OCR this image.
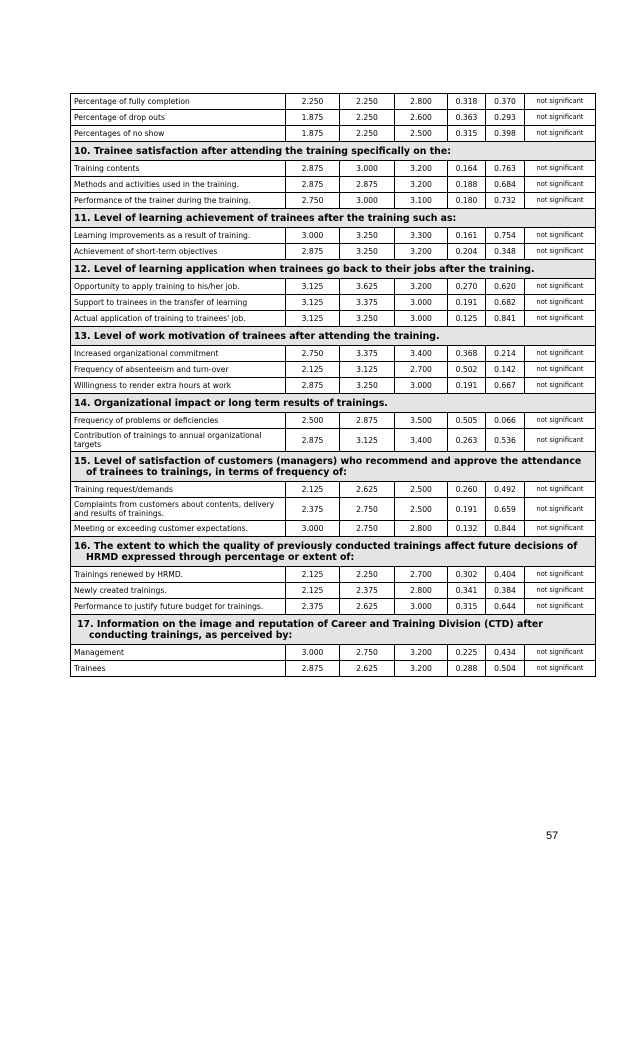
Percentage of fully completion	2.250	2.250	2.800	0.318	0.370	not significant
Percentage of drop outs	1.875	2.250	2.600	0.363	0.293	not significant
Percentages of no show	1.875	2.250	2.500	0.315	0.398	not significant

10. Trainee satisfaction after attending the training specifically on the:						

Training contents	2.875	3.000	3.200	0.164	0.763	not significant
Methods and activities used in the training.	2.875	2.875	3.200	0.188	0.684	not significant
Performance of the trainer during the training.	2.750	3.000	3.100	0.180	0.732	not significant

11. Level of learning achievement of trainees after the training such as:						

Learning improvements as a result of training.	3.000	3.250	3.300	0.161	0.754	not significant
Achievement of short-term objectives	2.875	3.250	3.200	0.204	0.348	not significant

12. Level of learning application when trainees go back to their jobs after the training.						

Opportunity to apply training to his/her job.	3.125	3.625	3.200	0.270	0.620	not significant
Support to trainees in the transfer of learning	3.125	3.375	3.000	0.191	0.682	not significant
Actual application of training to trainees' job.	3.125	3.250	3.000	0.125	0.841	not significant

13. Level of work motivation of trainees after attending the training.						

Increased organizational commitment	2.750	3.375	3.400	0.368	0.214	not significant
Frequency of absenteeism and turn-over	2.125	3.125	2.700	0.502	0.142	not significant
Willingness to render extra hours at work	2.875	3.250	3.000	0.191	0.667	not significant

14. Organizational impact or long term results of trainings.						

Frequency of problems or deficiencies	2.500	2.875	3.500	0.505	0.066	not significant
Contribution of trainings to annual organizational targets	2.875	3.125	3.400	0.263	0.536	not significant

15. Level of satisfaction of customers (managers) who recommend and approve the attendance of trainees to trainings, in terms of frequency of:						

Training request/demands	2.125	2.625	2.500	0.260	0.492	not significant
Complaints from customers about contents, delivery and results of trainings.	2.375	2.750	2.500	0.191	0.659	not significant
Meeting or exceeding customer expectations.	3.000	2.750	2.800	0.132	0.844	not significant

16. The extent to which the quality of previously conducted trainings affect future decisions of HRMD expressed through percentage or extent of:						

Trainings renewed by HRMD.	2.125	2.250	2.700	0.302	0.404	not significant
Newly created trainings.	2.125	2.375	2.800	0.341	0.384	not significant
Performance to justify future budget for trainings.	2.375	2.625	3.000	0.315	0.644	not significant

17. Information on the image and reputation of Career and Training Division (CTD) after conducting trainings, as perceived by:						

Management	3.000	2.750	3.200	0.225	0.434	not significant
Trainees	2.875	2.625	3.200	0.288	0.504	not significant
57
